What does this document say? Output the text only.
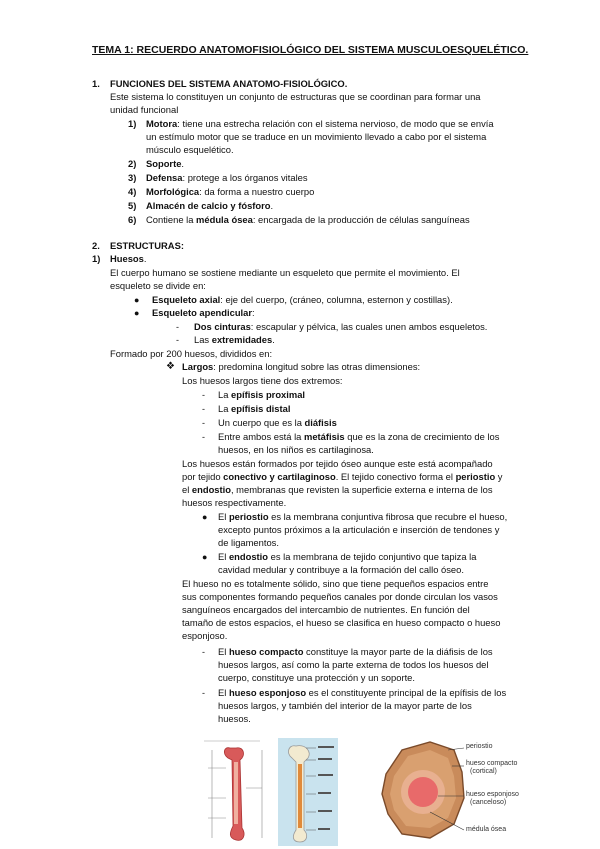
TEMA 1: RECUERDO ANATOMOFISIOLÓGICO DEL SISTEMA MUSCULOESQUELÉTICO.
1. FUNCIONES DEL SISTEMA ANATOMO-FISIOLÓGICO.
Este sistema lo constituyen un conjunto de estructuras que se coordinan para formar una
unidad funcional
1) Motora: tiene una estrecha relación con el sistema nervioso, de modo que se envía
un estímulo motor que se traduce en un movimiento llevado a cabo por el sistema
músculo esquelético.
2) Soporte.
3) Defensa: protege a los órganos vitales
4) Morfológica: da forma a nuestro cuerpo
5) Almacén de calcio y fósforo.
6) Contiene la médula ósea: encargada de la producción de células sanguíneas
2. ESTRUCTURAS:
1) Huesos.
El cuerpo humano se sostiene mediante un esqueleto que permite el movimiento. El
esqueleto se divide en:
● Esqueleto axial: eje del cuerpo, (cráneo, columna, esternon y costillas).
● Esqueleto apendicular:
- Dos cinturas: escapular y pélvica, las cuales unen ambos esqueletos.
- Las extremidades.
Formado por 200 huesos, divididos en:
❖ Largos: predomina longitud sobre las otras dimensiones:
Los huesos largos tiene dos extremos:
- La epífisis proximal
- La epífisis distal
- Un cuerpo que es la diáfisis
- Entre ambos está la metáfisis que es la zona de crecimiento de los
huesos, en los niños es cartilaginosa.
Los huesos están formados por tejido óseo aunque este está acompañado
por tejido conectivo y cartilaginoso. El tejido conectivo forma el periostio y
el endostio, membranas que revisten la superficie externa e interna de los
huesos respectivamente.
● El periostio es la membrana conjuntiva fibrosa que recubre el hueso,
excepto puntos próximos a la articulación e inserción de tendones y
de ligamentos.
● El endostio es la membrana de tejido conjuntivo que tapiza la
cavidad medular y contribuye a la formación del callo óseo.
El hueso no es totalmente sólido, sino que tiene pequeños espacios entre
sus componentes formando pequeños canales por donde circulan los vasos
sanguíneos encargados del intercambio de nutrientes. En función del
tamaño de estos espacios, el hueso se clasifica en hueso compacto o hueso
esponjoso.
- El hueso compacto constituye la mayor parte de la diáfisis de los
huesos largos, así como la parte externa de todos los huesos del
cuerpo, constituye una protección y un soporte.
- El hueso esponjoso es el constituyente principal de la epífisis de los
huesos largos, y también del interior de la mayor parte de los
huesos.
periostio
hueso compacto
(cortical)
hueso esponjoso
(canceloso)
médula ósea
